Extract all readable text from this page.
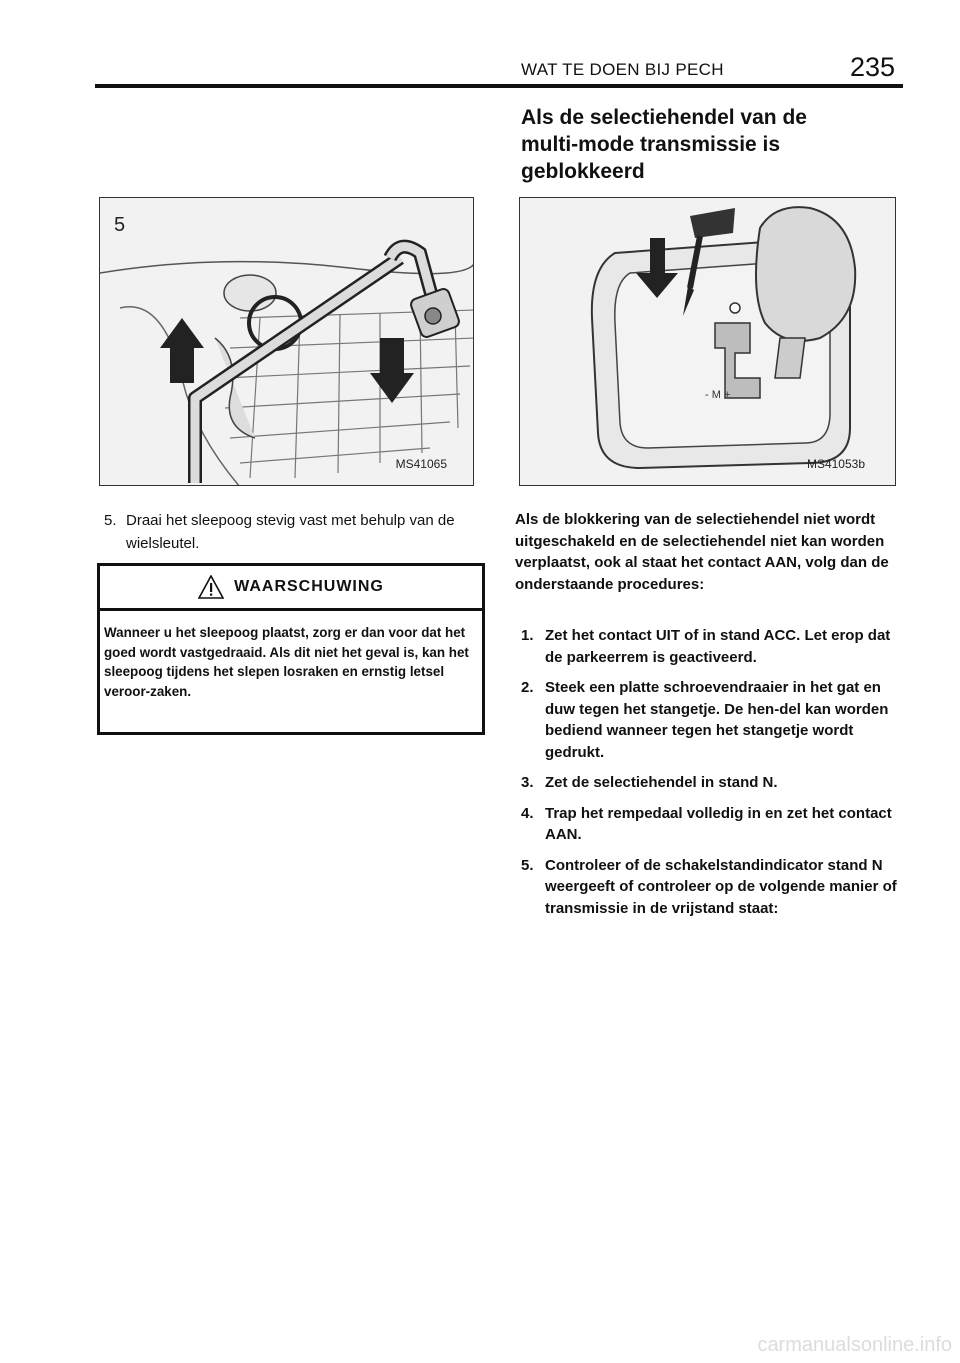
WAT TE DOEN BIJ PECH	235
Als de selectiehendel van de multi-mode transmissie is geblokkeerd
5
MS41065
- M +
MS41053b
5. Draai het sleepoog stevig vast met behulp van de wielsleutel.
WAARSCHUWING
Wanneer u het sleepoog plaatst, zorg er dan voor dat het goed wordt vastgedraaid. Als dit niet het geval is, kan het sleepoog tijdens het slepen losraken en ernstig letsel veroor-zaken.
Als de blokkering van de selectiehendel niet wordt uitgeschakeld en de selectiehendel niet kan worden verplaatst, ook al staat het contact AAN, volg dan de onderstaande procedures:
1. Zet het contact UIT of in stand ACC. Let erop dat de parkeerrem is geactiveerd.
2. Steek een platte schroevendraaier in het gat en duw tegen het stangetje. De hen-del kan worden bediend wanneer tegen het stangetje wordt gedrukt.
3. Zet de selectiehendel in stand N.
4. Trap het rempedaal volledig in en zet het contact AAN.
5. Controleer of de schakelstandindicator stand N weergeeft of controleer op de volgende manier of transmissie in de vrijstand staat:
carmanualsonline.info
